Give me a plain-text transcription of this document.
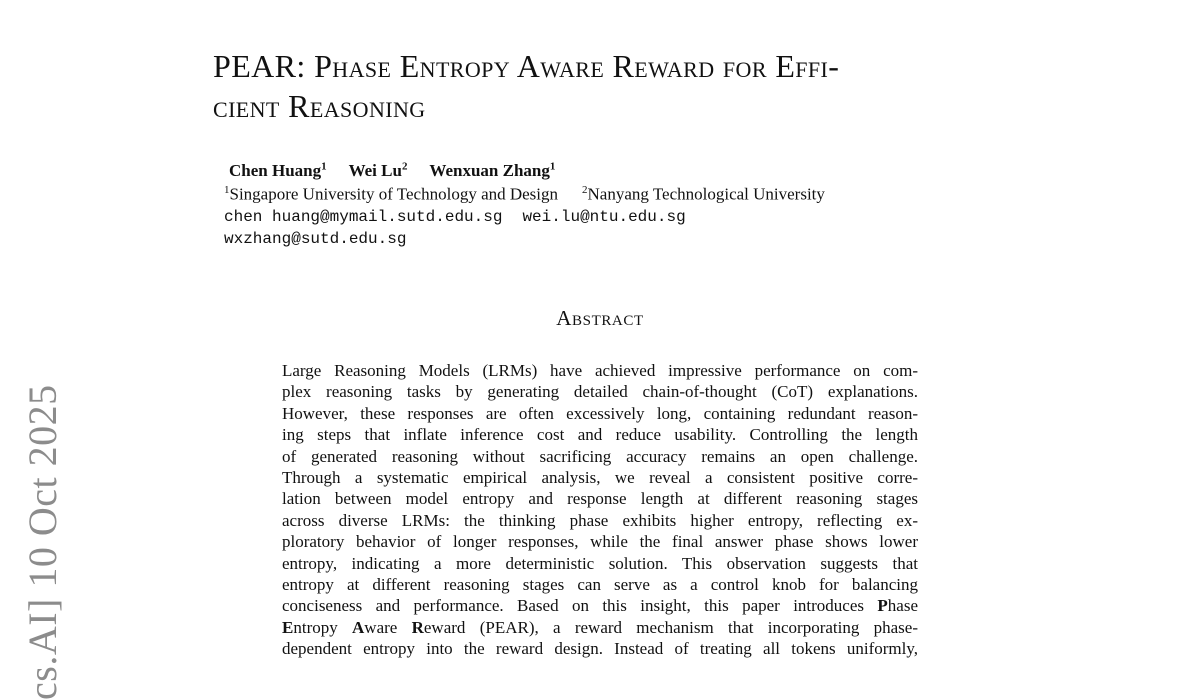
cs.AI] 10 Oct 2025
PEAR: Phase Entropy Aware Reward for Effi-
cient Reasoning
Chen Huang$^1$ Wei Lu$^2$ Wenxuan Zhang$^1$
$^1$Singapore University of Technology and Design $^2$Nanyang Technological University
chen huang@mymail.sutd.edu.sg wei.lu@ntu.edu.sg
wxzhang@sutd.edu.sg
Abstract
Large Reasoning Models (LRMs) have achieved impressive performance on com-
plex reasoning tasks by generating detailed chain-of-thought (CoT) explanations.
However, these responses are often excessively long, containing redundant reason-
ing steps that inflate inference cost and reduce usability. Controlling the length
of generated reasoning without sacrificing accuracy remains an open challenge.
Through a systematic empirical analysis, we reveal a consistent positive corre-
lation between model entropy and response length at different reasoning stages
across diverse LRMs: the thinking phase exhibits higher entropy, reflecting ex-
ploratory behavior of longer responses, while the final answer phase shows lower
entropy, indicating a more deterministic solution. This observation suggests that
entropy at different reasoning stages can serve as a control knob for balancing
conciseness and performance. Based on this insight, this paper introduces Phase
Entropy Aware Reward (PEAR), a reward mechanism that incorporating phase-
dependent entropy into the reward design. Instead of treating all tokens uniformly,
